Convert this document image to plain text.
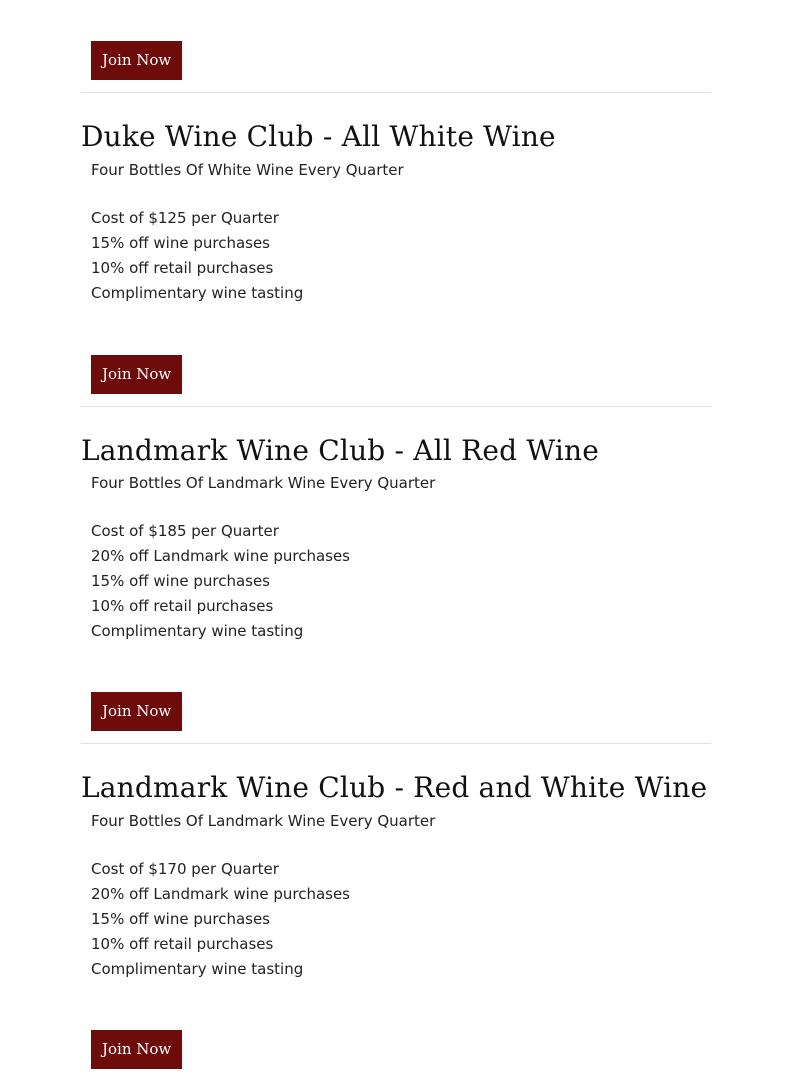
Join Now
Duke Wine Club - All White Wine

Four Bottles Of White Wine Every Quarter

Cost of $125 per Quarter
15% off wine purchases
10% off retail purchases
Complimentary wine tasting
Join Now
Landmark Wine Club - All Red Wine

Four Bottles Of Landmark Wine Every Quarter

Cost of $185 per Quarter
20% off Landmark wine purchases
15% off wine purchases
10% off retail purchases
Complimentary wine tasting
Join Now
Landmark Wine Club - Red and White Wine

Four Bottles Of Landmark Wine Every Quarter

Cost of $170 per Quarter
20% off Landmark wine purchases
15% off wine purchases
10% off retail purchases
Complimentary wine tasting
Join Now
